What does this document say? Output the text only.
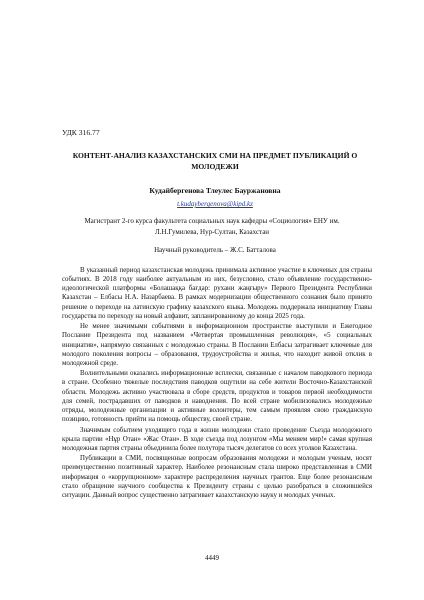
УДК 316.77
КОНТЕНТ-АНАЛИЗ КАЗАХСТАНСКИХ СМИ НА ПРЕДМЕТ ПУБЛИКАЦИЙ О МОЛОДЕЖИ
Кудайбергенова Тлеулес Бауржановна
t.kudaybergenova@kipd.kz
Магистрант 2-го курса факультета социальных наук кафедры «Социология» ЕНУ им. Л.Н.Гумилева, Нур-Султан, Казахстан
Научный руководитель – Ж.С. Батталова

В указанный период казахстанская молодежь принимала активное участие в ключевых для страны событиях. В 2018 году наиболее актуальным из них, безусловно, стало объявление государственно-идеологической платформы «Болашаққа бағдар: рухани жаңғыру» Первого Президента Республики Казахстан – Елбасы Н.А. Назарбаева. В рамках модернизации общественного сознания было принято решение о переходе на латинскую графику казахского языка. Молодежь поддержала инициативу Главы государства по переходу на новый алфавит, запланированному до конца 2025 года.

Не менее значимыми событиями в информационном пространстве выступили и Ежегодное Послание Президента под названием «Четвертая промышленная революция», «5 социальных инициатив», напрямую связанных с молодежью страны. В Послании Елбасы затрагивает ключевые для молодого поколения вопросы – образования, трудоустройства и жилья, что находит живой отклик в молодежной среде.

Волнительными оказались информационные всплески, связанные с началом паводкового периода в стране. Особенно тяжелые последствия паводков ощутили на себе жители Восточно-Казахстанской области. Молодежь активно участвовала в сборе средств, продуктов и товаров первой необходимости для семей, пострадавших от паводков и наводнения. По всей стране мобилизовались молодежные отряды, молодежные организации и активные волонтеры, тем самым проявляя свою гражданскую позицию, готовность прийти на помощь обществу, своей стране.

Значимым событием уходящего года в жизни молодежи стало проведение Съезда молодежного крыла партии «Нұр Отан» «Жас Отан». В ходе съезда под лозунгом «Мы меняем мир!» самая крупная молодежная партия страны объединила более полутора тысяч делегатов со всех уголков Казахстана.

Публикации в СМИ, посвященные вопросам образования молодежи и молодым ученым, носят преимущественно позитивный характер. Наиболее резонансным стала широко представленная в СМИ информация о «коррупционном» характере распределения научных грантов. Еще более резонансным стало обращение научного сообщества к Президенту страны с целью разобраться в сложившейся ситуации. Данный вопрос существенно затрагивает казахстанскую науку и молодых ученых.

4449
